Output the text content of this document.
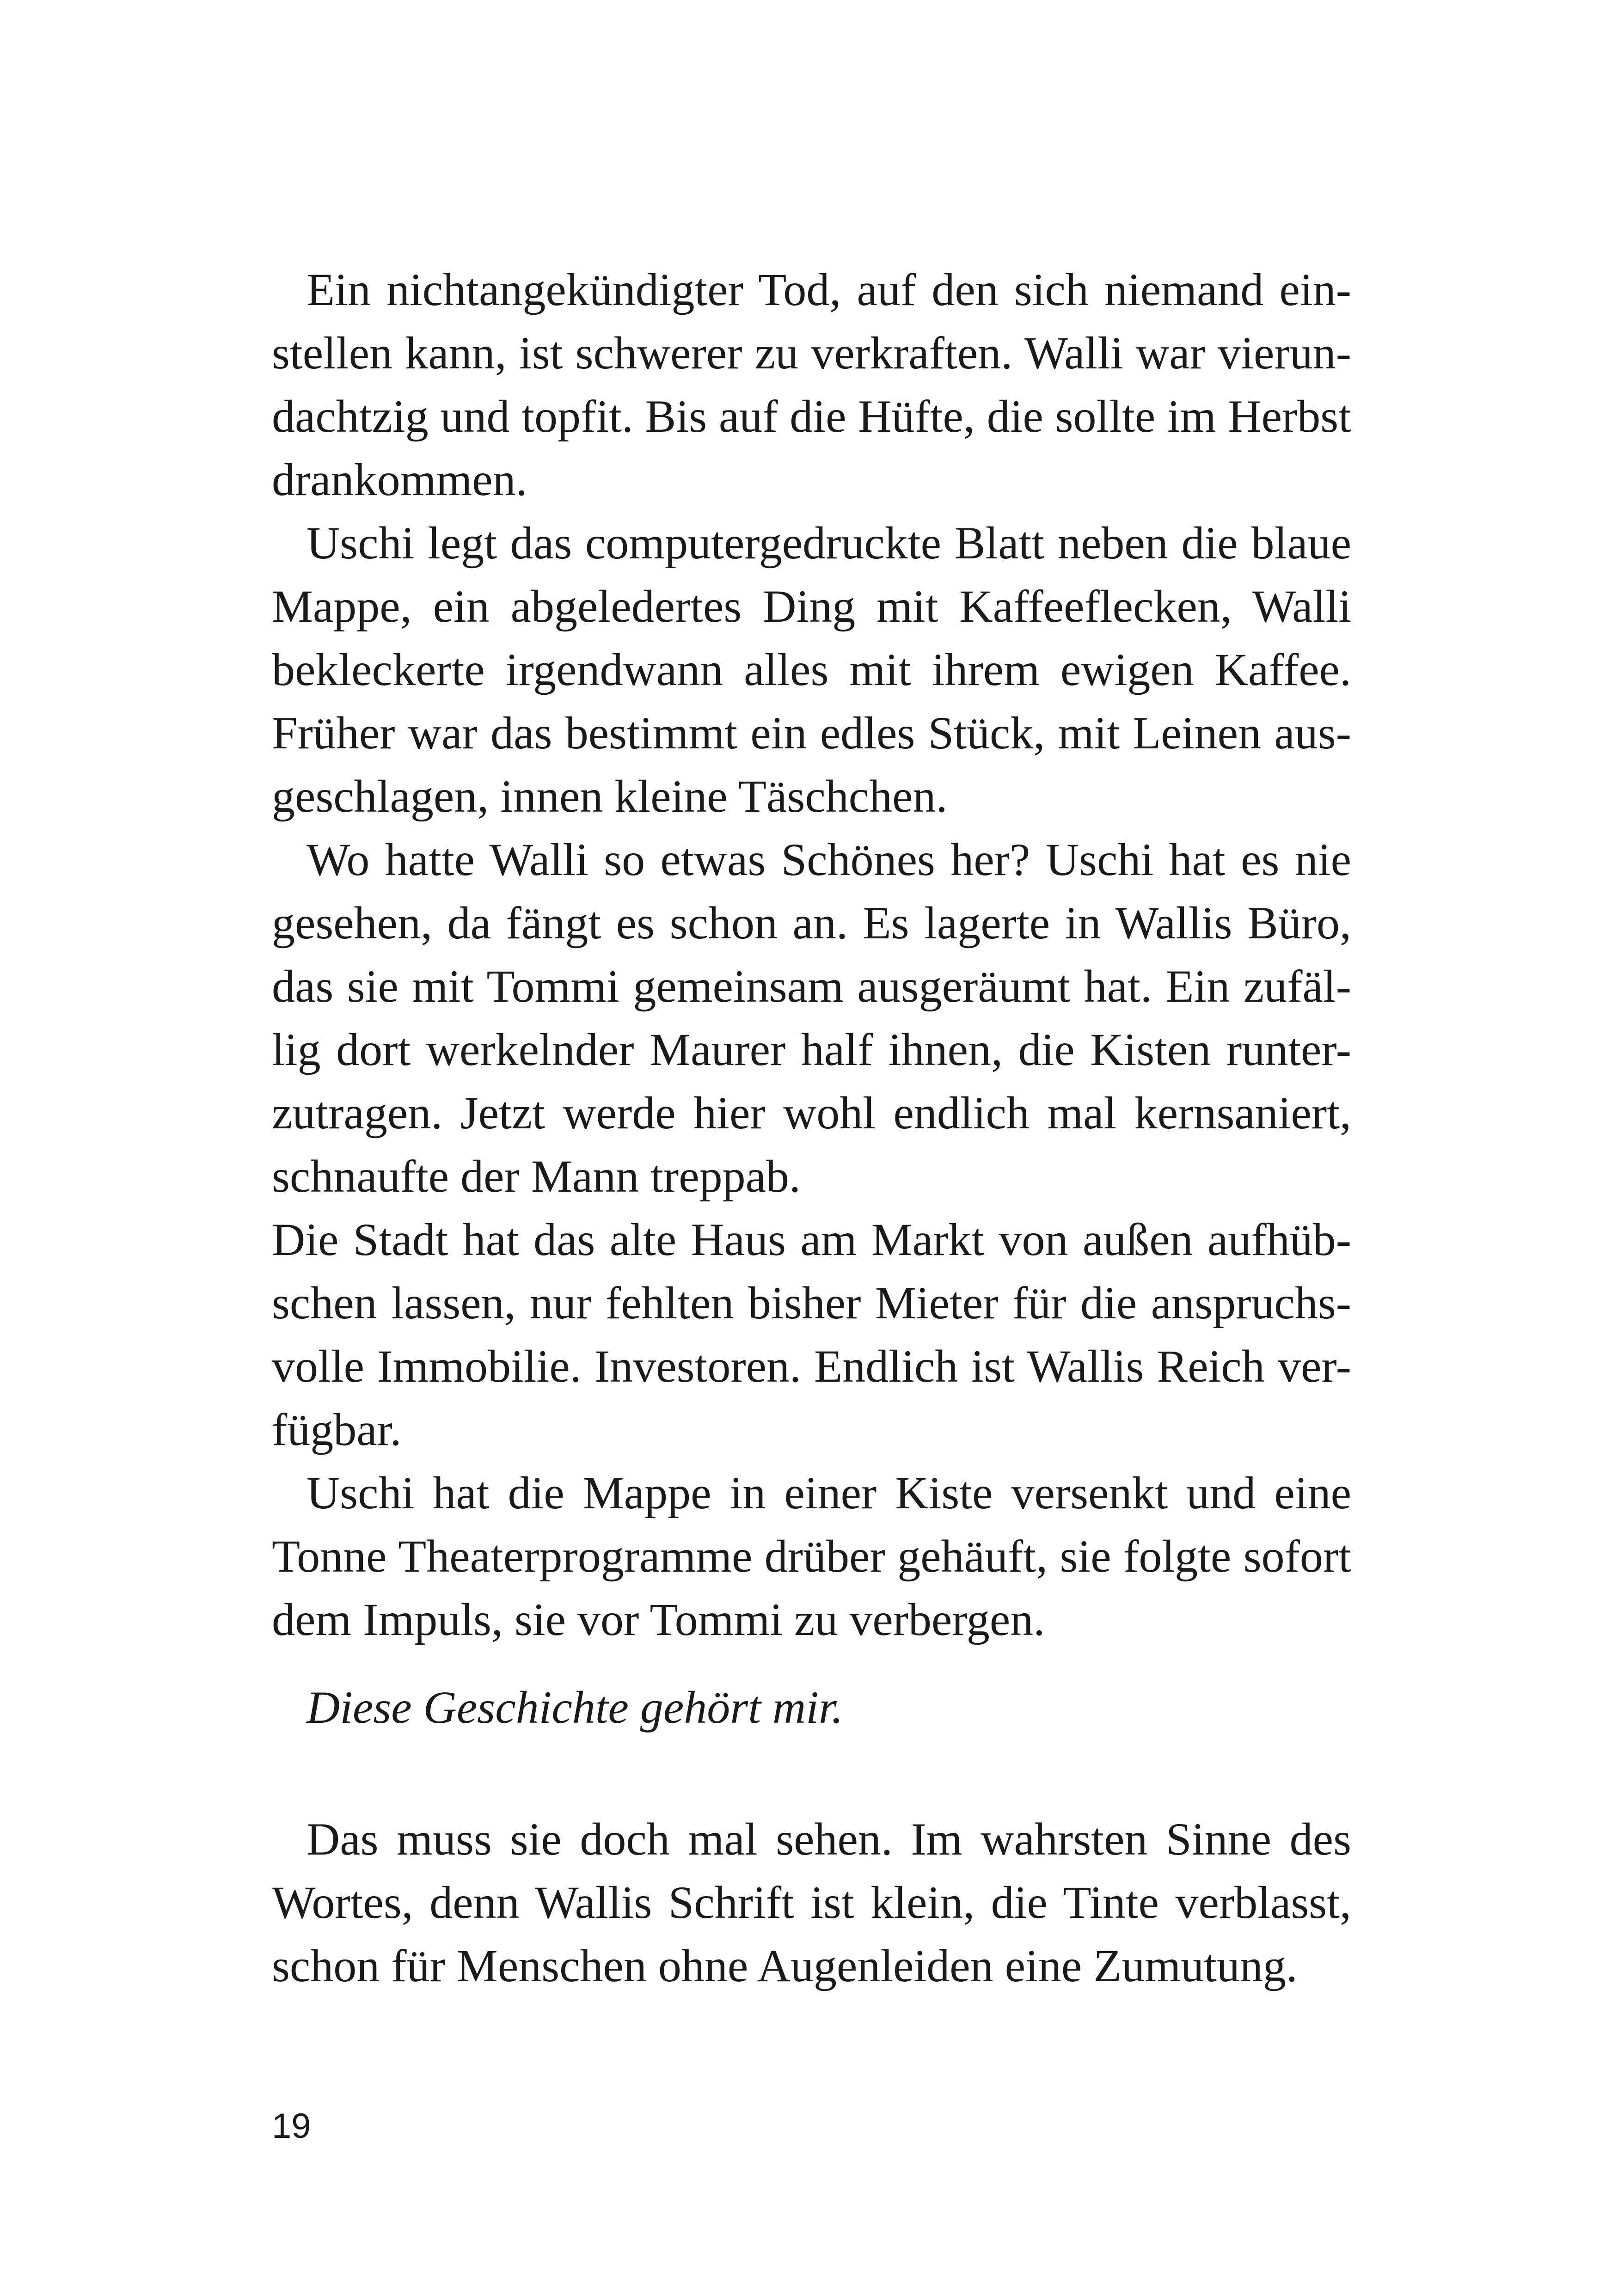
Ein nichtangekündigter Tod, auf den sich niemand ein-
stellen kann, ist schwerer zu verkraften. Walli war vierun-
dachtzig und topfit. Bis auf die Hüfte, die sollte im Herbst
drankommen.
Uschi legt das computergedruckte Blatt neben die blaue
Mappe, ein abgeledertes Ding mit Kaffeeflecken, Walli
bekleckerte irgendwann alles mit ihrem ewigen Kaffee.
Früher war das bestimmt ein edles Stück, mit Leinen aus-
geschlagen, innen kleine Täschchen.
Wo hatte Walli so etwas Schönes her? Uschi hat es nie
gesehen, da fängt es schon an. Es lagerte in Wallis Büro,
das sie mit Tommi gemeinsam ausgeräumt hat. Ein zufäl-
lig dort werkelnder Maurer half ihnen, die Kisten runter-
zutragen. Jetzt werde hier wohl endlich mal kernsaniert,
schnaufte der Mann treppab.
Die Stadt hat das alte Haus am Markt von außen aufhüb-
schen lassen, nur fehlten bisher Mieter für die anspruchs-
volle Immobilie. Investoren. Endlich ist Wallis Reich ver-
fügbar.
Uschi hat die Mappe in einer Kiste versenkt und eine
Tonne Theaterprogramme drüber gehäuft, sie folgte sofort
dem Impuls, sie vor Tommi zu verbergen.
Diese Geschichte gehört mir.
Das muss sie doch mal sehen. Im wahrsten Sinne des
Wortes, denn Wallis Schrift ist klein, die Tinte verblasst,
schon für Menschen ohne Augenleiden eine Zumutung.
19
